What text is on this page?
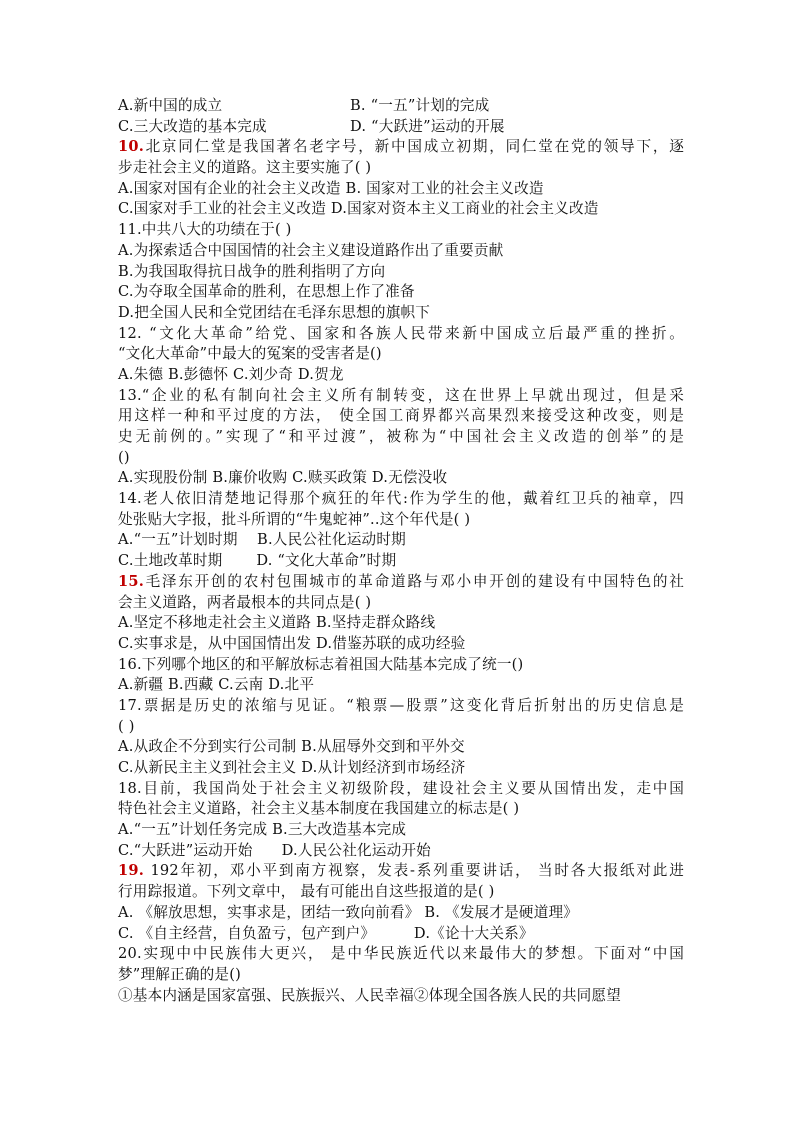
A.新中国的成立	B. “一五”计划的完成
C.三大改造的基本完成	D. “大跃进”运动的开展
10.北京同仁堂是我国著名老字号，新中国成立初期，同仁堂在党的领导下，逐
步走社会主义的道路。这主要实施了( )
A.国家对国有企业的社会主义改造 B. 国家对工业的社会主义改造
C.国家对手工业的社会主义改造 D.国家对资本主义工商业的社会主义改造
11.中共八大的功绩在于( )
A.为探索适合中国国情的社会主义建设道路作出了重要贡献
B.为我国取得抗日战争的胜利指明了方向
C.为夺取全国革命的胜利，在思想上作了准备
D.把全国人民和全党团结在毛泽东思想的旗帜下
12. “文化大革命”给党、国家和各族人民带来新中国成立后最严重的挫折。
“文化大革命”中最大的冤案的受害者是()
A.朱德 B.彭德怀 C.刘少奇 D.贺龙
13.“企业的私有制向社会主义所有制转变，这在世界上早就出现过，但是采
用这样一种和平过度的方法， 使全国工商界都兴高果烈来接受这种改变，则是
史无前例的。”实现了“和平过渡”，被称为“中国社会主义改造的创举”的是
()
A.实现股份制 B.廉价收购 C.赎买政策 D.无偿没收
14.老人依旧清楚地记得那个疯狂的年代:作为学生的他，戴着红卫兵的袖章，四
处张贴大字报，批斗所谓的“牛鬼蛇神”..这个年代是( )
A.“一五”计划时期    B.人民公社化运动时期
C.土地改革时期       D. “文化大革命”时期
15.毛泽东开创的农村包围城市的革命道路与邓小申开创的建设有中国特色的社
会主义道路，两者最根本的共同点是( )
A.坚定不移地走社会主义道路 B.坚持走群众路线
C.实事求是，从中国国情出发 D.借鉴苏联的成功经验
16.下列哪个地区的和平解放标志着祖国大陆基本完成了统一()
A.新疆 B.西藏 C.云南 D.北平
17.票据是历史的浓缩与见证。“粮票—股票”这变化背后折射出的历史信息是
( )
A.从政企不分到实行公司制 B.从屈辱外交到和平外交
C.从新民主主义到社会主义 D.从计划经济到市场经济
18.目前，我国尚处于社会主义初级阶段，建设社会主义要从国情出发，走中国
特色社会主义道路，社会主义基本制度在我国建立的标志是( )
A.“一五”计划任务完成 B.三大改造基本完成
C.“大跃进”运动开始      D.人民公社化运动开始
19. 192年初，邓小平到南方视察，发表-系列重要讲话， 当时各大报纸对此进
行用踪报道。下列文章中， 最有可能出自这些报道的是( )
A. 《解放思想，实事求是，团结一致向前看》 B. 《发展才是硬道理》
C. 《自主经营，自负盈亏，包产到户》        D.《论十大关系》
20.实现中中民族伟大更兴， 是中华民族近代以来最伟大的梦想。下面对“中国
梦”理解正确的是()
①基本内涵是国家富强、民族振兴、人民幸福②体现全国各族人民的共同愿望
